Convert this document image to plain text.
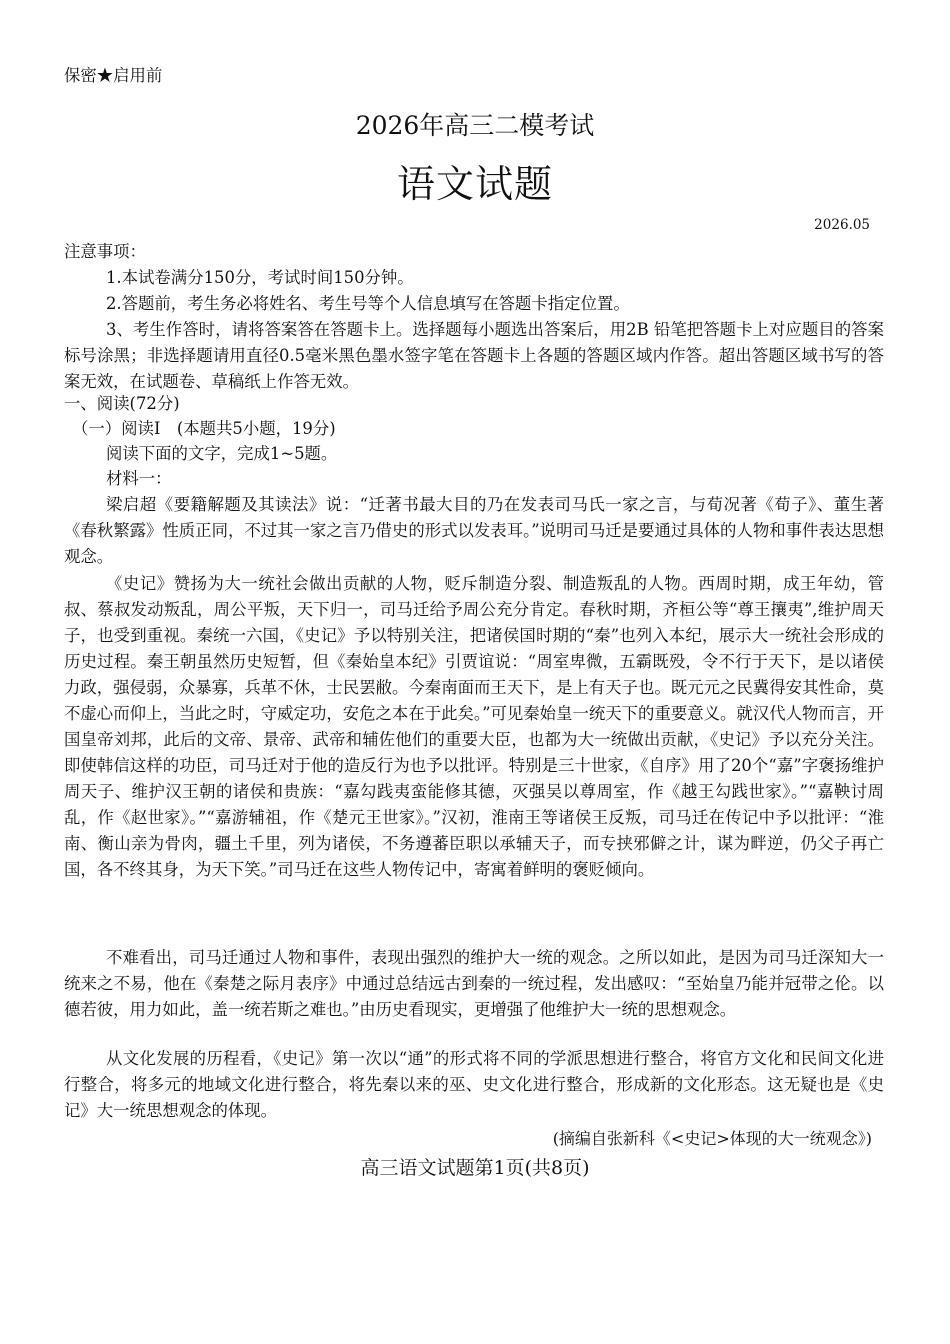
保密★启用前
2026年高三二模考试
语文试题
2026.05
注意事项：
1.本试卷满分150分，考试时间150分钟。
2.答题前，考生务必将姓名、考生号等个人信息填写在答题卡指定位置。
3、考生作答时，请将答案答在答题卡上。选择题每小题选出答案后，用2B 铅笔把答题卡上对应题目的答案标号涂黑；非选择题请用直径0.5毫米黑色墨水签字笔在答题卡上各题的答题区域内作答。超出答题区域书写的答案无效，在试题卷、草稿纸上作答无效。
一、阅读(72分)
（一）阅读I　(本题共5小题，19分)
阅读下面的文字，完成1~5题。
材料一：
梁启超《要籍解题及其读法》说：“迁著书最大目的乃在发表司马氏一家之言，与荀况著《荀子》、董生著《春秋繁露》性质正同，不过其一家之言乃借史的形式以发表耳。”说明司马迁是要通过具体的人物和事件表达思想观念。
《史记》赞扬为大一统社会做出贡献的人物，贬斥制造分裂、制造叛乱的人物。西周时期，成王年幼，管叔、蔡叔发动叛乱，周公平叛，天下归一，司马迁给予周公充分肯定。春秋时期，齐桓公等“尊王攘夷”,维护周天子，也受到重视。秦统一六国，《史记》予以特别关注，把诸侯国时期的“秦”也列入本纪，展示大一统社会形成的历史过程。秦王朝虽然历史短暂，但《秦始皇本纪》引贾谊说：“周室卑微，五霸既殁，令不行于天下，是以诸侯力政，强侵弱，众暴寡，兵革不休，士民罢敝。今秦南面而王天下，是上有天子也。既元元之民冀得安其性命，莫不虚心而仰上，当此之时，守威定功，安危之本在于此矣。”可见秦始皇一统天下的重要意义。就汉代人物而言，开国皇帝刘邦，此后的文帝、景帝、武帝和辅佐他们的重要大臣，也都为大一统做出贡献，《史记》予以充分关注。即使韩信这样的功臣，司马迁对于他的造反行为也予以批评。特别是三十世家，《自序》用了20个“嘉”字褒扬维护周天子、维护汉王朝的诸侯和贵族：“嘉勾践夷蛮能修其德，灭强吴以尊周室，作《越王勾践世家》。”“嘉鞅讨周乱，作《赵世家》。”“嘉游辅祖，作《楚元王世家》。”汉初，淮南王等诸侯王反叛，司马迁在传记中予以批评：“淮南、衡山亲为骨肉，疆土千里，列为诸侯，不务遵蕃臣职以承辅天子，而专挟邪僻之计，谋为畔逆，仍父子再亡国，各不终其身，为天下笑。”司马迁在这些人物传记中，寄寓着鲜明的褒贬倾向。
不难看出，司马迁通过人物和事件，表现出强烈的维护大一统的观念。之所以如此，是因为司马迁深知大一统来之不易，他在《秦楚之际月表序》中通过总结远古到秦的一统过程，发出感叹：“至始皇乃能并冠带之伦。以德若彼，用力如此，盖一统若斯之难也。”由历史看现实，更增强了他维护大一统的思想观念。
从文化发展的历程看，《史记》第一次以“通”的形式将不同的学派思想进行整合，将官方文化和民间文化进行整合，将多元的地域文化进行整合，将先秦以来的巫、史文化进行整合，形成新的文化形态。这无疑也是《史记》大一统思想观念的体现。
(摘编自张新科《<史记>体现的大一统观念》)
高三语文试题第1页(共8页)
